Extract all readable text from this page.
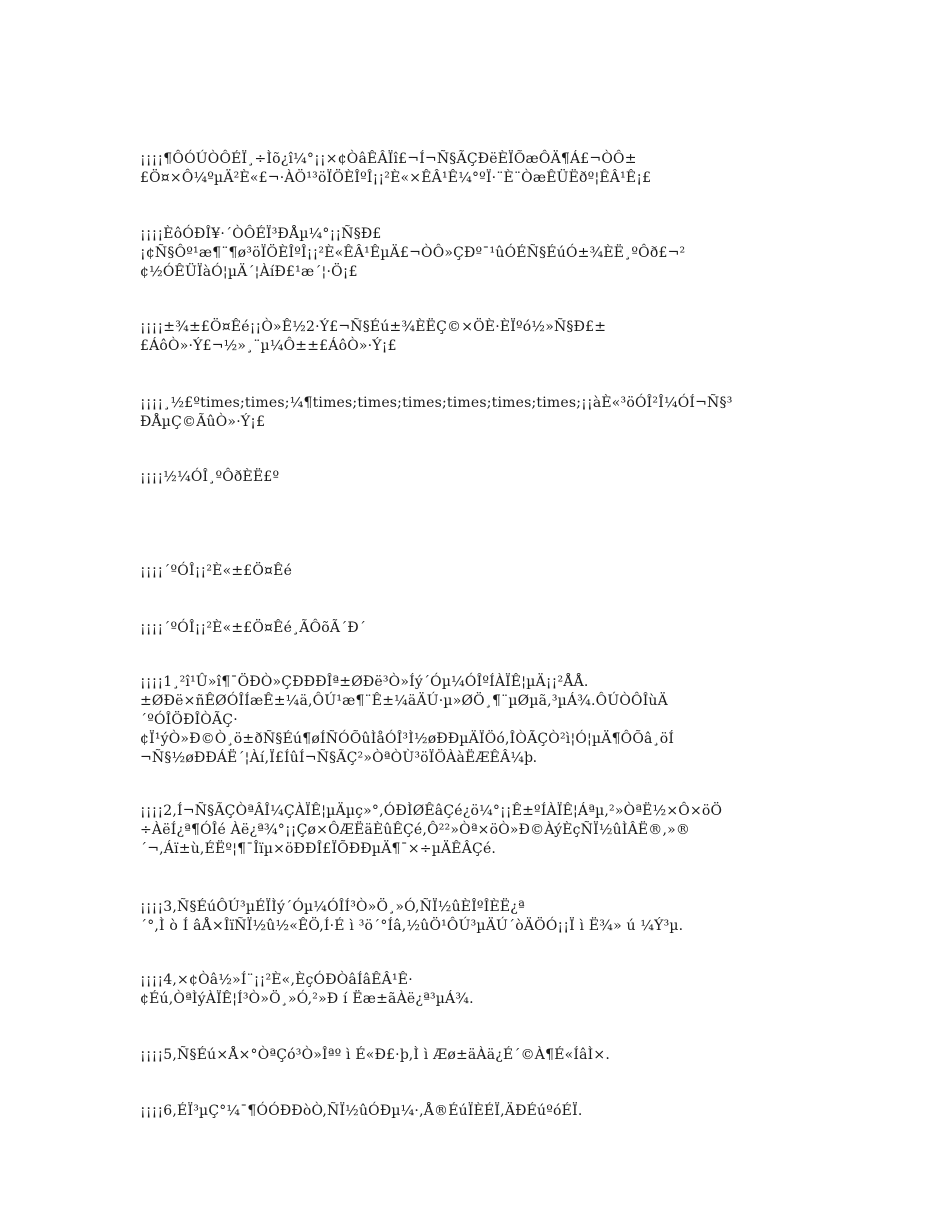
¡¡¡¡¶ÔÓÚÒÔÉÏ¸÷Ìõ¿î¼°¡¡×¢ÒâÊÂÏî£¬Í¬Ñ§ÃÇÐëÈÏÕæÔÄ¶Á£¬ÒÔ±
£Ö¤×Ô¼ºµÄ²È«£¬·ÀÖ¹³öÏÖÈÎºÎ¡¡²È«×ÊÂ¹Ê¼°ºÏ·¨È¨ÒæÊÜËðº¦ÊÂ¹Ê¡£
¡¡¡¡ÈôÓÐÎ¥·´ÒÔÉÏ³ÐÅµ¼°¡¡Ñ§Ð£
¡¢Ñ§Ôº¹æ¶¨¶ø³öÏÖÈÎºÎ¡¡²È«ÊÂ¹ÊµÄ£¬ÒÔ»ÇÐº¯¹ûÓÉÑ§ÉúÓ±¾ÈË¸ºÔð£¬²
¢½ÓÊÜÏàÓ¦µÄ´¦ÀíÐ£¹æ´¦·Ö¡£
¡¡¡¡±¾±£Ö¤Êé¡¡Ò»Ê½2·Ý£¬Ñ§Éú±¾ÈËÇ©×ÖÈ·ÈÏºó½»Ñ§Ð£±
£ÁôÒ»·Ý£¬½»¸¨µ¼Ô±±£ÁôÒ»·Ý¡£
¡¡¡¡¸½£ºtimes;times;¼¶times;times;times;times;times;times;¡¡àÈ«³öÓÎ²Î¼ÓÍ¬Ñ§³
ÐÅµÇ©ÃûÒ»·Ý¡£
¡¡¡¡½¼ÓÎ¸ºÔðÈË£º
¡¡¡¡´ºÓÎ¡¡²È«±£Ö¤Êé
¡¡¡¡´ºÓÎ¡¡²È«±£Ö¤Êé¸ÃÔõÃ´Ð´
¡¡¡¡1¸²î¹Û»î¶¯ÖÐÒ»ÇÐÐÐÎª±ØÐë³Ò»Íý´Óµ¼ÓÎºÍÀÏÊ¦µÄ¡¡²ÅÅ.
±ØÐë×ñÊØÓÎÍæÊ±¼ä,ÔÚ¹æ¶¨Ê±¼äÄÚ·µ»ØÖ¸¶¨µØµã,³µÁ¾.ÔÚÒÔÎùÄ
´ºÓÎÖÐÎÒÃÇ·
¢Ï¹ýÒ»Ð©Ò¸ö±ðÑ§Éú¶øÍÑÓÕûÌåÓÎ³Ì½øÐÐµÄÏÖó,ÎÒÃÇÒ²ì¦Ó¦µÄ¶ÔÕâ¸öÍ
¬Ñ§½øÐÐÁË´¦Àí,Ï£ÍûÍ¬Ñ§ÃÇ²»ÒªÒÙ³öÏÖÀàËÆÊÂ¼þ.
¡¡¡¡2,Í¬Ñ§ÃÇÒªÂÎ¼ÇÀÏÊ¦µÄµç»°,ÓÐÌØÊâÇé¿ö¼°¡¡Ê±ºÍÀÏÊ¦Áªµ,²»ÒªË½×Ô×öÖ
÷ÀëÍ¿ª¶ÓÎé Àë¿ª¾°¡¡Çø×ÔÆËäÈûÊÇé,Ô²²»Òª×öÒ»Ð©ÀýÈçÑÏ½ûÌÂË®,»®
´¬,Áï±ù,ÉËº¦¶¯Îïµ×öÐÐÎ£ÏÕÐÐµÄ¶¯×÷µÄÊÂÇé.
¡¡¡¡3,Ñ§ÉúÔÚ³µÉÏÌý´Óµ¼ÓÎÍ³Ò»Ö¸»Ó,ÑÏ½ûÈÎºÎÈË¿ª
´°,Ì ò Í âÅ×ÎïÑÏ½û½«ÊÖ,Í·É ì ³ö´°Íâ,½ûÖ¹ÔÚ³µÄÚ´òÄÖÓ¡¡Ï ì Ë¾» ú ¼Ý³µ.
¡¡¡¡4,×¢Òâ½»Í¨¡¡²È«,ÈçÓÐÒâÍâÊÂ¹Ê·
¢Éú,ÒªÌýÀÏÊ¦Í³Ò»Ö¸»Ó,²»Ð í Ëæ±ãÀë¿ª³µÁ¾.
¡¡¡¡5,Ñ§Éú×Å×°ÒªÇó³Ò»Îªº ì É«Ð£·þ,Ì ì Æø±äÀä¿É´©À¶É«ÍâÌ×.
¡¡¡¡6,ÉÏ³µÇ°¼¯¶ÓÓÐÐòÒ,ÑÏ½ûÓÐµ¼·,Å®ÉúÏÈÉÏ,ÄÐÉúºóÉÏ.
